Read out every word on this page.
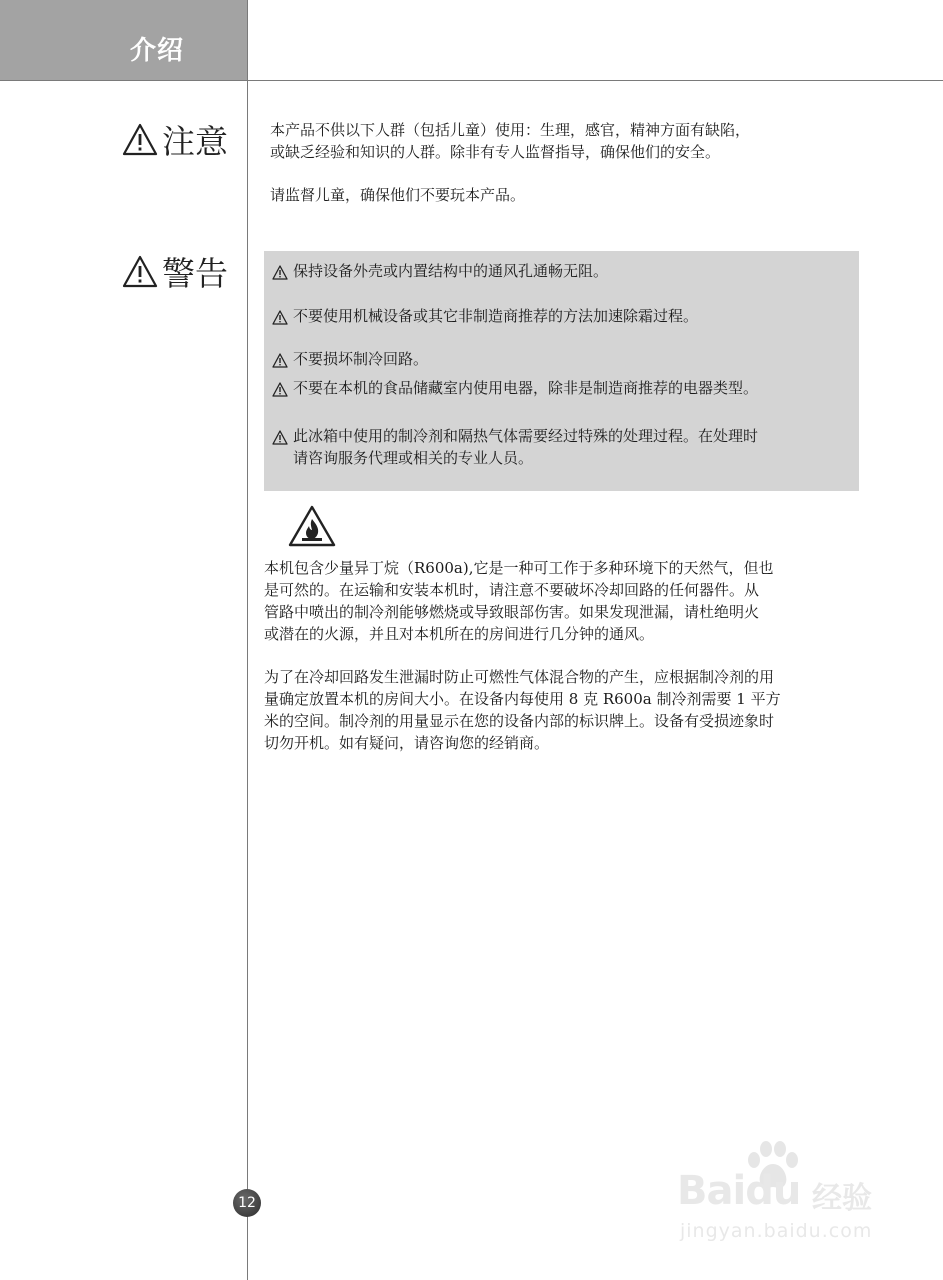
介绍
注意	本产品不供以下人群（包括儿童）使用：生理，感官，精神方面有缺陷，
或缺乏经验和知识的人群。除非有专人监督指导，确保他们的安全。

请监督儿童，确保他们不要玩本产品。

警告	保持设备外壳或内置结构中的通风孔通畅无阻。
不要使用机械设备或其它非制造商推荐的方法加速除霜过程。
不要损坏制冷回路。
不要在本机的食品储藏室内使用电器，除非是制造商推荐的电器类型。
此冰箱中使用的制冷剂和隔热气体需要经过特殊的处理过程。在处理时
请咨询服务代理或相关的专业人员。

本机包含少量异丁烷（R600a),它是一种可工作于多种环境下的天然气，但也
是可然的。在运输和安装本机时，请注意不要破坏冷却回路的任何器件。从
管路中喷出的制冷剂能够燃烧或导致眼部伤害。如果发现泄漏，请杜绝明火
或潜在的火源，并且对本机所在的房间进行几分钟的通风。

为了在冷却回路发生泄漏时防止可燃性气体混合物的产生，应根据制冷剂的用
量确定放置本机的房间大小。在设备内每使用 8 克 R600a 制冷剂需要 1 平方
米的空间。制冷剂的用量显示在您的设备内部的标识牌上。设备有受损迹象时
切勿开机。如有疑问，请咨询您的经销商。

12	Baidu 经验
jingyan.baidu.com
